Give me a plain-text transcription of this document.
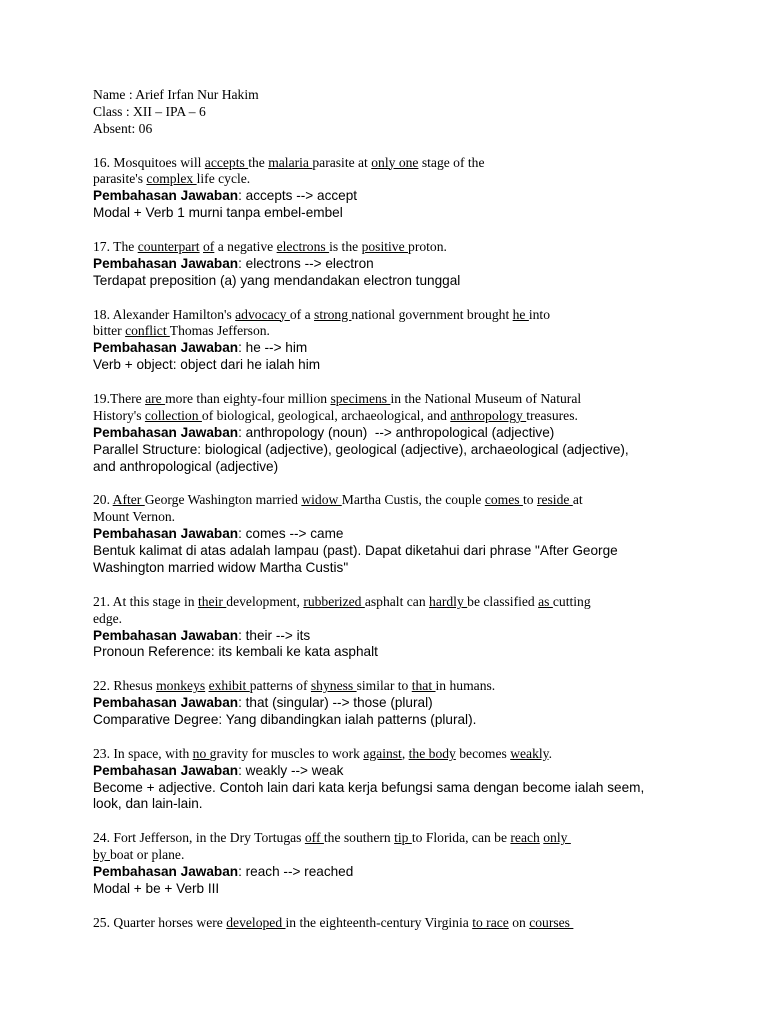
Name : Arief Irfan Nur Hakim
Class : XII – IPA – 6
Absent: 06
16. Mosquitoes will accepts the malaria parasite at only one stage of the
parasite's complex life cycle.
Pembahasan Jawaban: accepts --> accept
Modal + Verb 1 murni tanpa embel-embel
17. The counterpart of a negative electrons is the positive proton.
Pembahasan Jawaban: electrons --> electron
Terdapat preposition (a) yang mendandakan electron tunggal
18. Alexander Hamilton's advocacy of a strong national government brought he into
bitter conflict Thomas Jefferson.
Pembahasan Jawaban: he --> him
Verb + object: object dari he ialah him
19.There are more than eighty-four million specimens in the National Museum of Natural
History's collection of biological, geological, archaeological, and anthropology treasures.
Pembahasan Jawaban: anthropology (noun)  --> anthropological (adjective)
Parallel Structure: biological (adjective), geological (adjective), archaeological (adjective),
and anthropological (adjective)
20. After George Washington married widow Martha Custis, the couple comes to reside at
Mount Vernon.
Pembahasan Jawaban: comes --> came
Bentuk kalimat di atas adalah lampau (past). Dapat diketahui dari phrase "After George
Washington married widow Martha Custis"
21. At this stage in their development, rubberized asphalt can hardly be classified as cutting
edge.
Pembahasan Jawaban: their --> its
Pronoun Reference: its kembali ke kata asphalt
22. Rhesus monkeys exhibit patterns of shyness similar to that in humans.
Pembahasan Jawaban: that (singular) --> those (plural)
Comparative Degree: Yang dibandingkan ialah patterns (plural).
23. In space, with no gravity for muscles to work against, the body becomes weakly.
Pembahasan Jawaban: weakly --> weak
Become + adjective. Contoh lain dari kata kerja befungsi sama dengan become ialah seem,
look, dan lain-lain.
24. Fort Jefferson, in the Dry Tortugas off the southern tip to Florida, can be reach only
by boat or plane.
Pembahasan Jawaban: reach --> reached
Modal + be + Verb III
25. Quarter horses were developed in the eighteenth-century Virginia to race on courses
